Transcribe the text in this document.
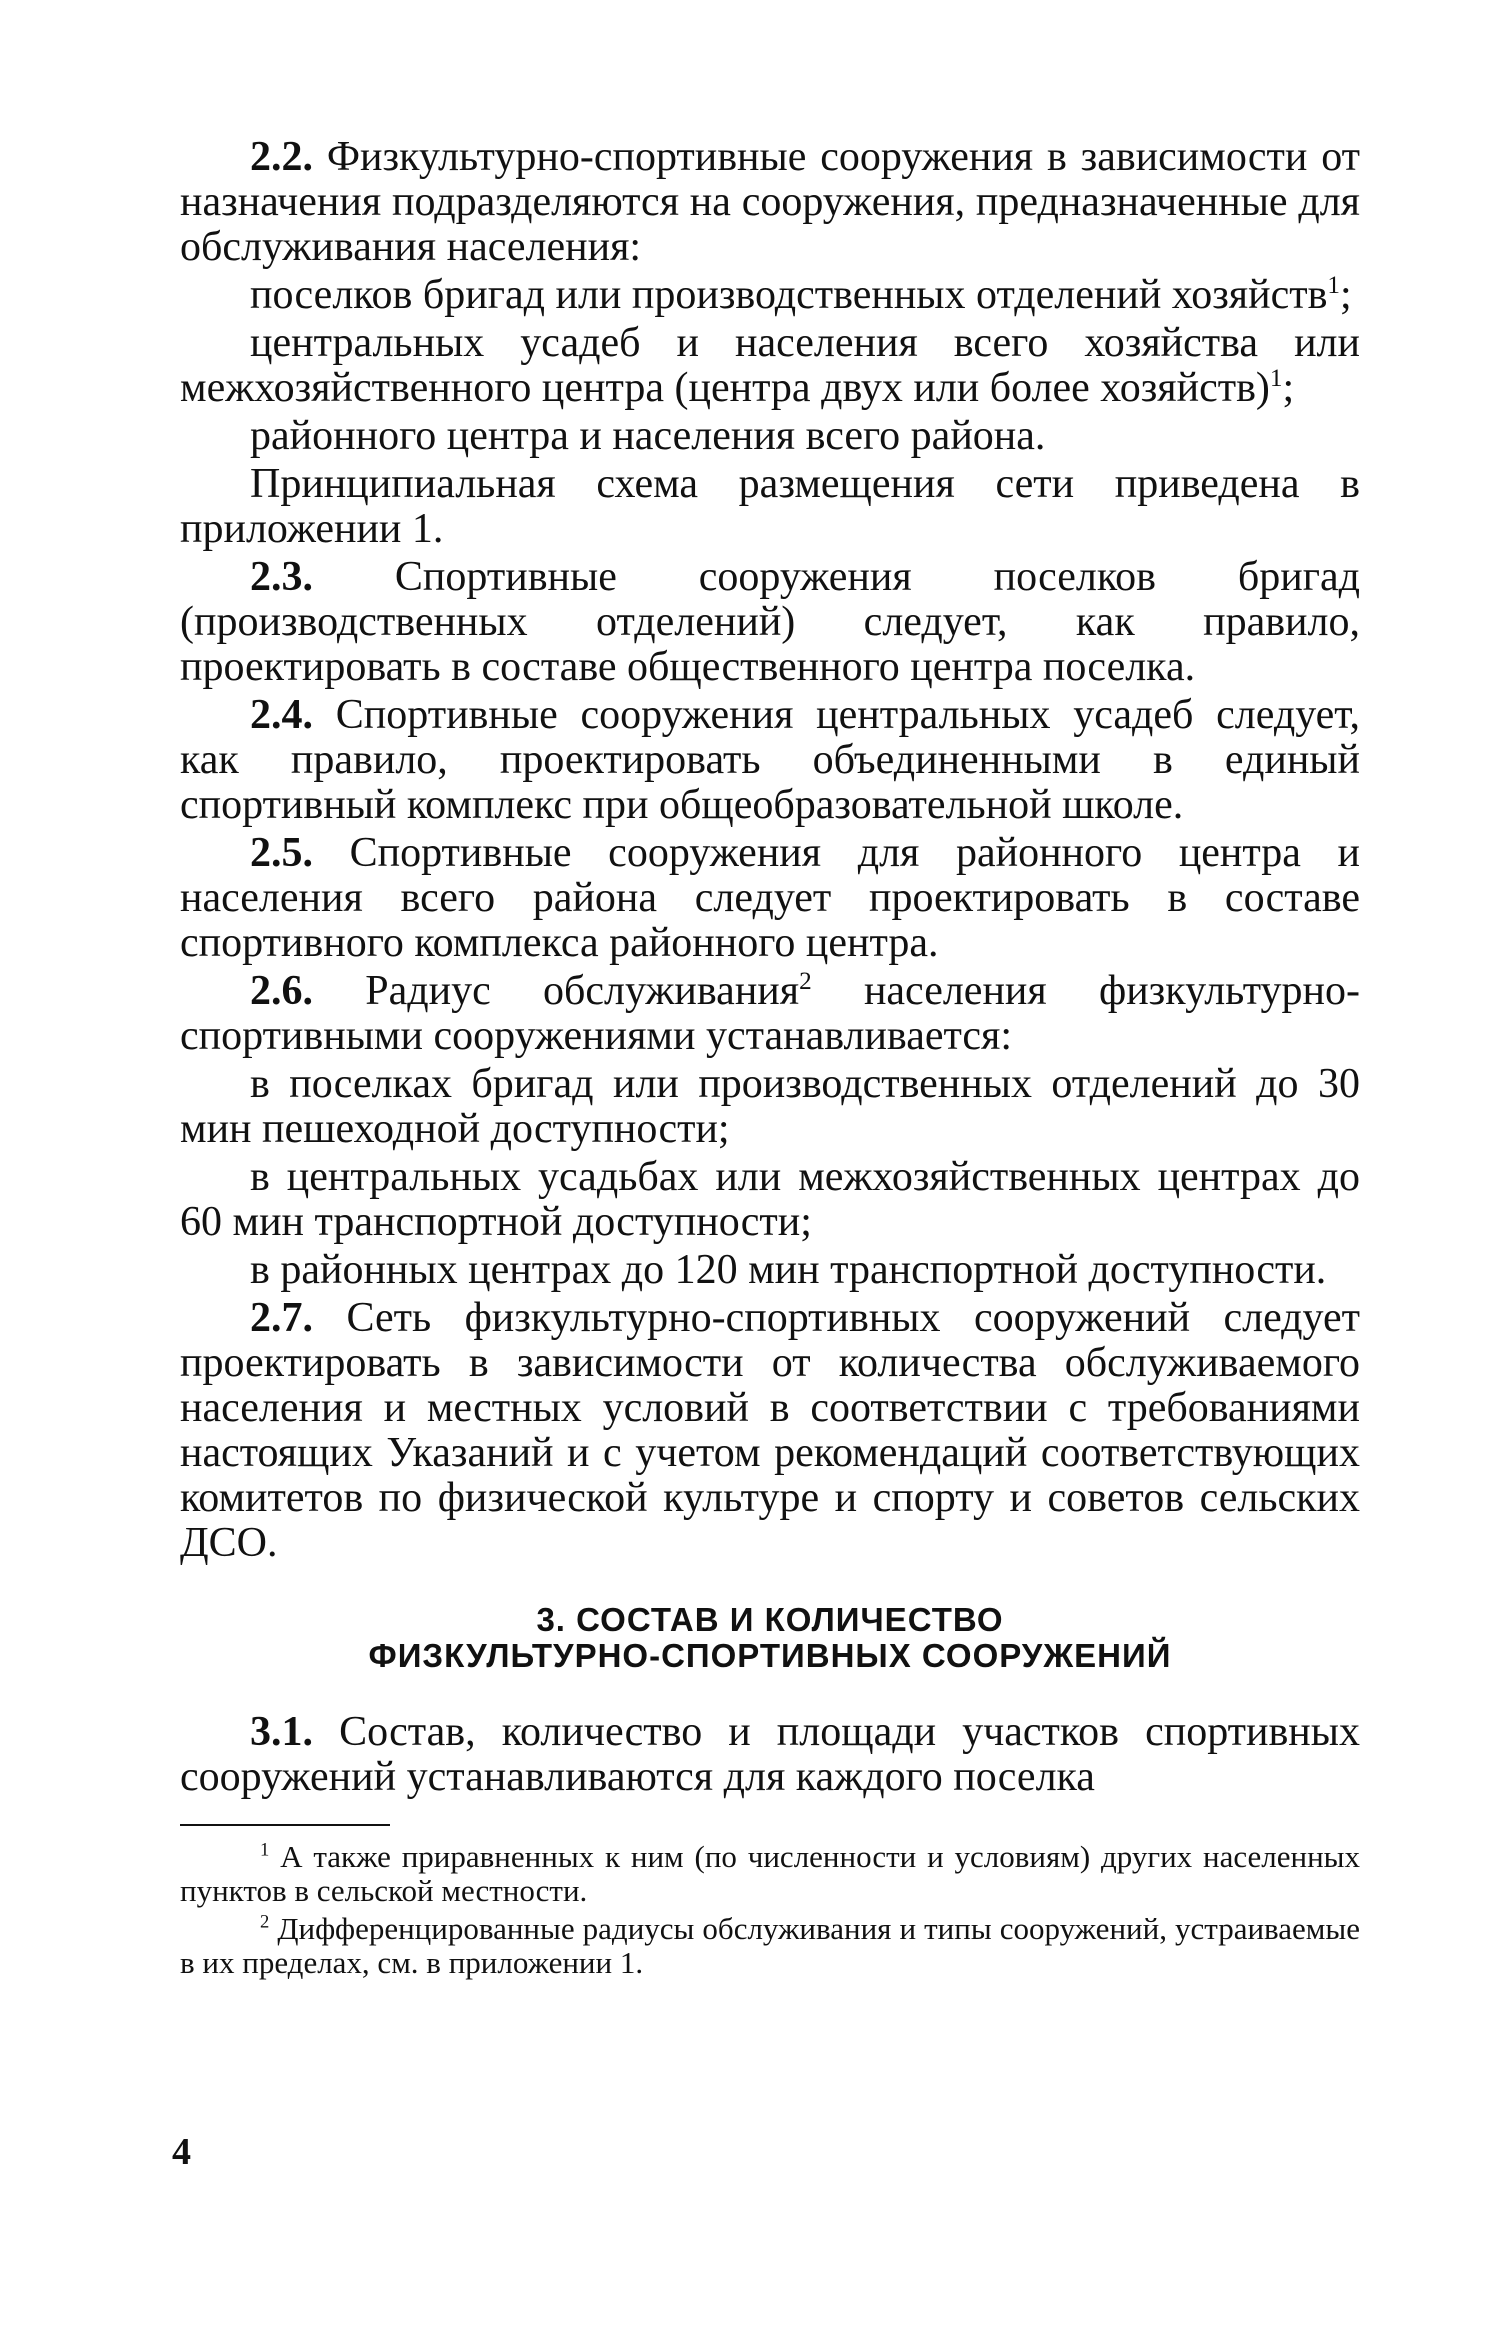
2.2. Физкультурно-спортивные сооружения в зависимости от назначения подразделяются на сооружения, предназначенные для обслуживания населения:

поселков бригад или производственных отделений хозяйств$^1$;

центральных усадеб и населения всего хозяйства или межхозяйственного центра (центра двух или более хозяйств)$^1$;

районного центра и населения всего района.

Принципиальная схема размещения сети приведена в приложении 1.

2.3. Спортивные сооружения поселков бригад (производственных отделений) следует, как правило, проектировать в составе общественного центра поселка.

2.4. Спортивные сооружения центральных усадеб следует, как правило, проектировать объединенными в единый спортивный комплекс при общеобразовательной школе.

2.5. Спортивные сооружения для районного центра и населения всего района следует проектировать в составе спортивного комплекса районного центра.

2.6. Радиус обслуживания$^2$ населения физкультурно-спортивными сооружениями устанавливается:

в поселках бригад или производственных отделений до 30 мин пешеходной доступности;

в центральных усадьбах или межхозяйственных центрах до 60 мин транспортной доступности;

в районных центрах до 120 мин транспортной доступности.

2.7. Сеть физкультурно-спортивных сооружений следует проектировать в зависимости от количества обслуживаемого населения и местных условий в соответствии с требованиями настоящих Указаний и с учетом рекомендаций соответствующих комитетов по физической культуре и спорту и советов сельских ДСО.

3. СОСТАВ И КОЛИЧЕСТВО
ФИЗКУЛЬТУРНО-СПОРТИВНЫХ СООРУЖЕНИЙ

3.1. Состав, количество и площади участков спортивных сооружений устанавливаются для каждого поселка

$^1$ А также приравненных к ним (по численности и условиям) других населенных пунктов в сельской местности.

$^2$ Дифференцированные радиусы обслуживания и типы сооружений, устраиваемые в их пределах, см. в приложении 1.

4
